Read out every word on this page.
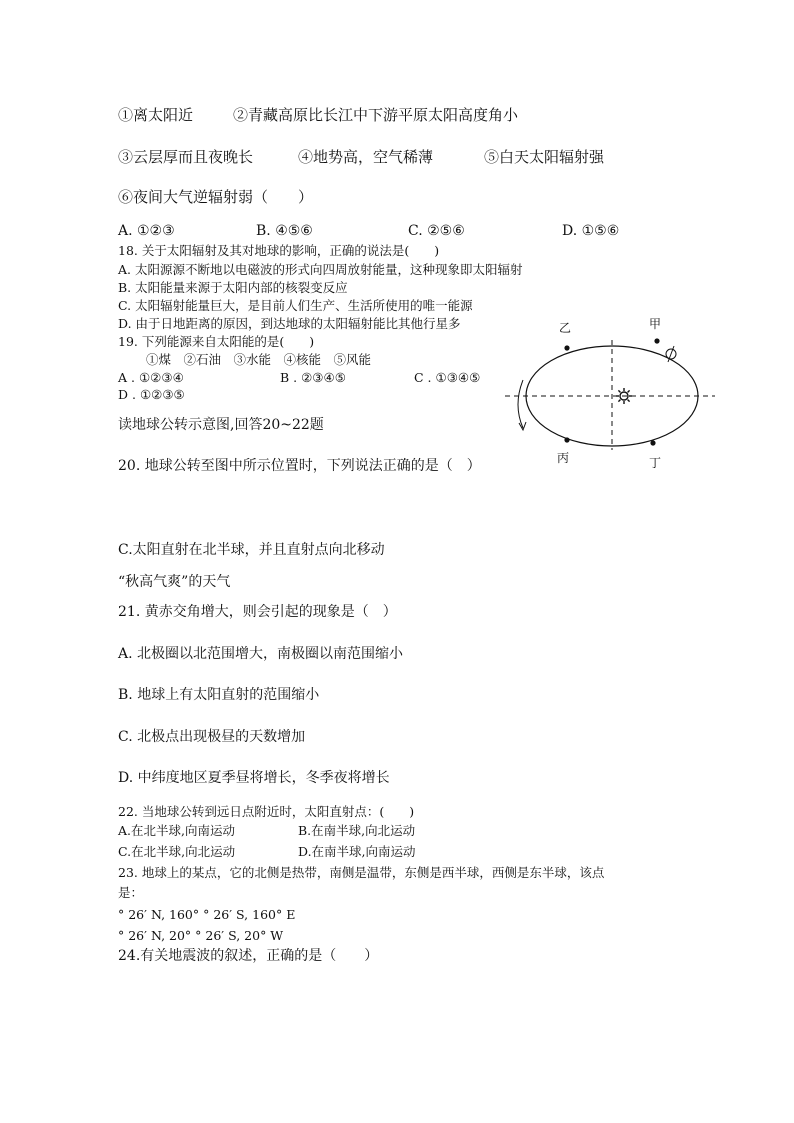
①离太阳近	②青藏高原比长江中下游平原太阳高度角小
③云层厚而且夜晚长	④地势高，空气稀薄	⑤白天太阳辐射强
⑥夜间大气逆辐射弱（　　）
A. ①②③	B. ④⑤⑥	C. ②⑤⑥	D. ①⑤⑥
18. 关于太阳辐射及其对地球的影响，正确的说法是(　　)
A. 太阳源源不断地以电磁波的形式向四周放射能量，这种现象即太阳辐射
B. 太阳能量来源于太阳内部的核裂变反应
C. 太阳辐射能量巨大，是目前人们生产、生活所使用的唯一能源
D. 由于日地距离的原因，到达地球的太阳辐射能比其他行星多
19. 下列能源来自太阳能的是(　　)
①煤　②石油　③水能　④核能　⑤风能
A . ①②③④	B . ②③④⑤	C . ①③④⑤
D . ①②③⑤
乙	甲
丙	丁
读地球公转示意图,回答20~22题
20. 地球公转至图中所示位置时，下列说法正确的是（　）
C.太阳直射在北半球，并且直射点向北移动
“秋高气爽”的天气
21. 黄赤交角增大，则会引起的现象是（　）
A. 北极圈以北范围增大，南极圈以南范围缩小
B. 地球上有太阳直射的范围缩小
C. 北极点出现极昼的天数增加
D. 中纬度地区夏季昼将增长，冬季夜将增长
22. 当地球公转到远日点附近时，太阳直射点：(　　)
A.在北半球,向南运动	B.在南半球,向北运动
C.在北半球,向北运动	D.在南半球,向南运动
23. 地球上的某点，它的北侧是热带，南侧是温带，东侧是西半球，西侧是东半球，该点
是：
° 26′ N, 160° ° 26′ S, 160° E
° 26′ N, 20° ° 26′ S, 20° W
24.有关地震波的叙述，正确的是（　　）
